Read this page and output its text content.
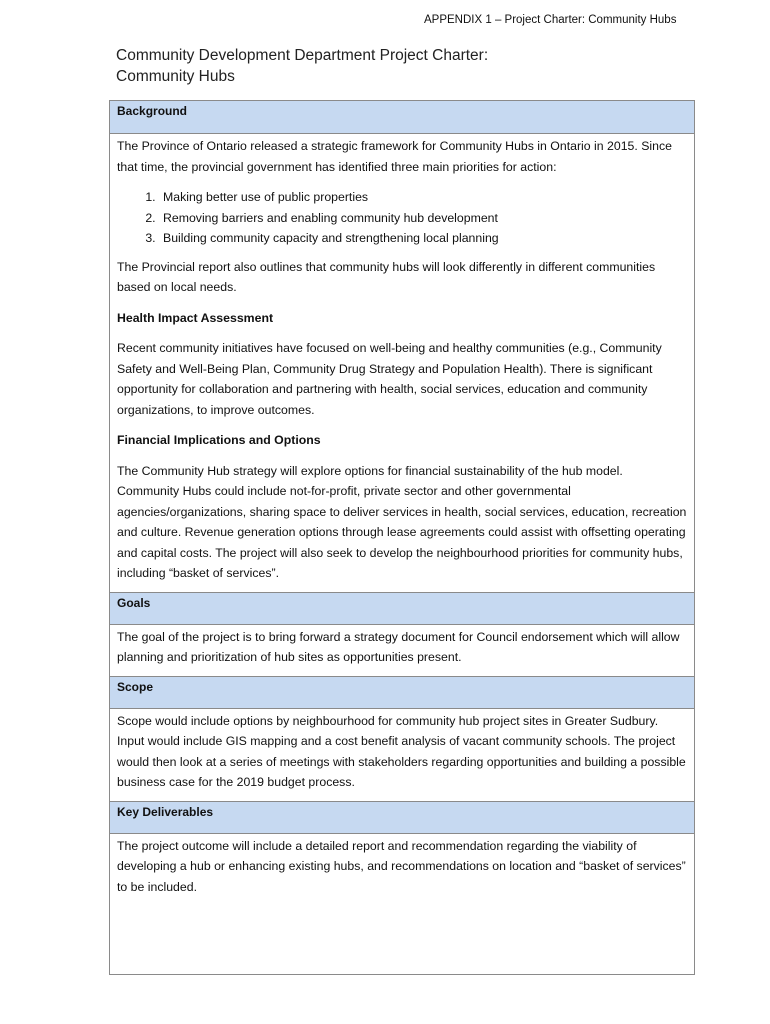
APPENDIX 1 – Project Charter: Community Hubs
Community Development Department Project Charter:
Community Hubs
Background

The Province of Ontario released a strategic framework for Community Hubs in Ontario in 2015. Since that time, the provincial government has identified three main priorities for action:

1. Making better use of public properties
2. Removing barriers and enabling community hub development
3. Building community capacity and strengthening local planning

The Provincial report also outlines that community hubs will look differently in different communities based on local needs.

Health Impact Assessment

Recent community initiatives have focused on well-being and healthy communities (e.g., Community Safety and Well-Being Plan, Community Drug Strategy and Population Health). There is significant opportunity for collaboration and partnering with health, social services, education and community organizations, to improve outcomes.

Financial Implications and Options

The Community Hub strategy will explore options for financial sustainability of the hub model. Community Hubs could include not-for-profit, private sector and other governmental agencies/organizations, sharing space to deliver services in health, social services, education, recreation and culture. Revenue generation options through lease agreements could assist with offsetting operating and capital costs. The project will also seek to develop the neighbourhood priorities for community hubs, including “basket of services”.

Goals

The goal of the project is to bring forward a strategy document for Council endorsement which will allow planning and prioritization of hub sites as opportunities present.

Scope

Scope would include options by neighbourhood for community hub project sites in Greater Sudbury. Input would include GIS mapping and a cost benefit analysis of vacant community schools. The project would then look at a series of meetings with stakeholders regarding opportunities and building a possible business case for the 2019 budget process.

Key Deliverables

The project outcome will include a detailed report and recommendation regarding the viability of developing a hub or enhancing existing hubs, and recommendations on location and “basket of services” to be included.
